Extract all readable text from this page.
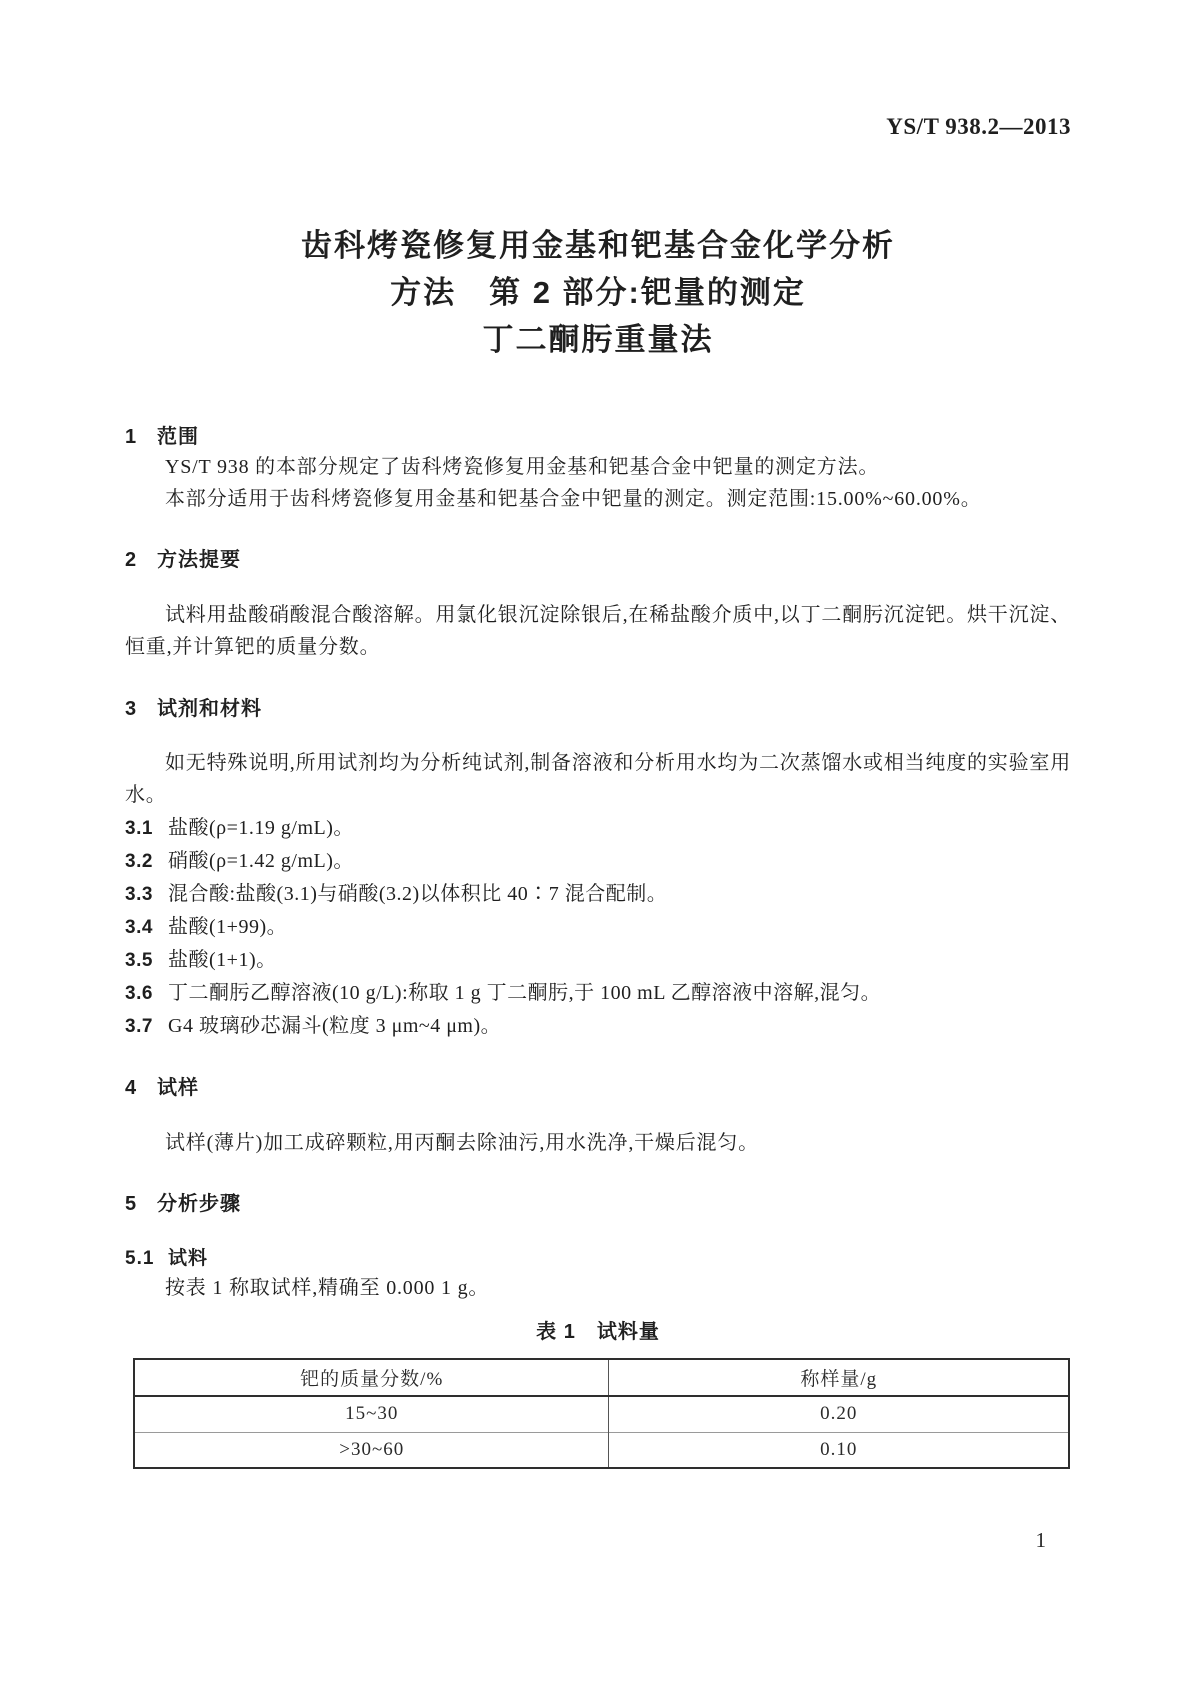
YS/T 938.2—2013
齿科烤瓷修复用金基和钯基合金化学分析
方法　第 2 部分:钯量的测定
丁二酮肟重量法
1 范围

YS/T 938 的本部分规定了齿科烤瓷修复用金基和钯基合金中钯量的测定方法。

本部分适用于齿科烤瓷修复用金基和钯基合金中钯量的测定。测定范围:15.00%~60.00%。

2 方法提要

试料用盐酸硝酸混合酸溶解。用氯化银沉淀除银后,在稀盐酸介质中,以丁二酮肟沉淀钯。烘干沉淀、恒重,并计算钯的质量分数。

3 试剂和材料

如无特殊说明,所用试剂均为分析纯试剂,制备溶液和分析用水均为二次蒸馏水或相当纯度的实验室用水。

3.1 盐酸(ρ=1.19 g/mL)。
3.2 硝酸(ρ=1.42 g/mL)。
3.3 混合酸:盐酸(3.1)与硝酸(3.2)以体积比 40∶7 混合配制。
3.4 盐酸(1+99)。
3.5 盐酸(1+1)。
3.6 丁二酮肟乙醇溶液(10 g/L):称取 1 g 丁二酮肟,于 100 mL 乙醇溶液中溶解,混匀。
3.7 G4 玻璃砂芯漏斗(粒度 3 μm~4 μm)。
4 试样

试样(薄片)加工成碎颗粒,用丙酮去除油污,用水洗净,干燥后混匀。

5 分析步骤
5.1 试料

按表 1 称取试样,精确至 0.000 1 g。

表 1　试料量
钯的质量分数/%	称样量/g
15~30	0.20
>30~60	0.10
1
